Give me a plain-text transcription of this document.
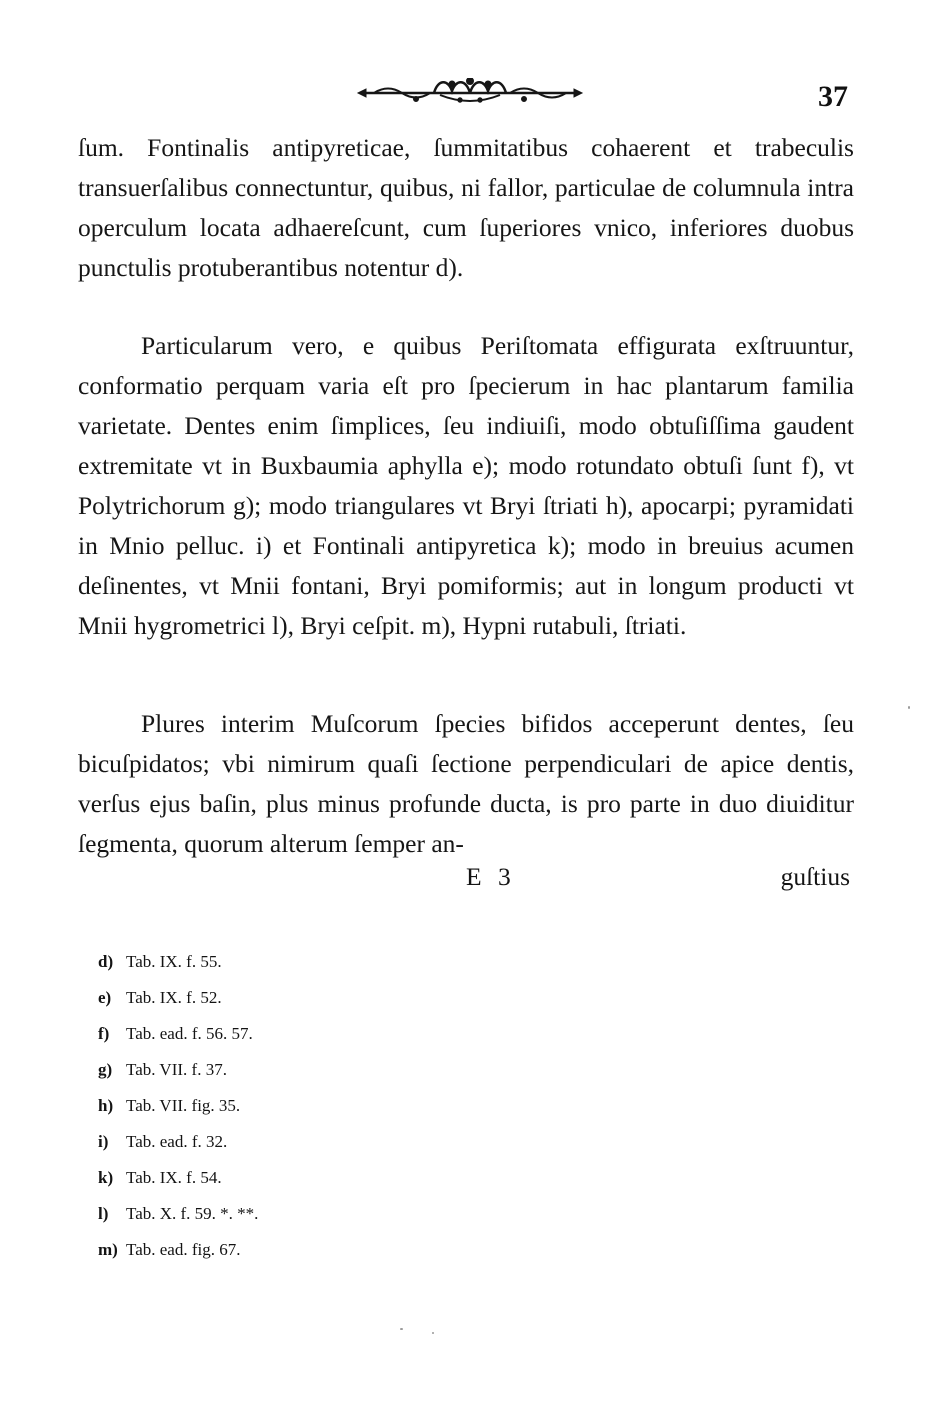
37

ſum. Fontinalis antipyreticae, ſummitatibus cohaerent et trabeculis transuerſalibus connectuntur, quibus, ni fallor, particulae de columnula intra operculum locata adhaereſcunt, cum ſuperiores vnico, inferiores duobus punctulis protuberantibus notentur d).

Particularum vero, e quibus Periſtomata effigurata exſtruuntur, conformatio perquam varia eſt pro ſpecierum in hac plantarum familia varietate. Dentes enim ſimplices, ſeu indiuiſi, modo obtuſiſſima gaudent extremitate vt in Buxbaumia aphylla e); modo rotundato obtuſi ſunt f), vt Polytrichorum g); modo triangulares vt Bryi ſtriati h), apocarpi; pyramidati in Mnio pelluc. i) et Fontinali antipyretica k); modo in breuius acumen deſinentes, vt Mnii fontani, Bryi pomiformis; aut in longum producti vt Mnii hygrometrici l), Bryi ceſpit. m), Hypni rutabuli, ſtriati.

Plures interim Muſcorum ſpecies bifidos acceperunt dentes, ſeu bicuſpidatos; vbi nimirum quaſi ſectione perpendiculari de apice dentis, verſus ejus baſin, plus minus profunde ducta, is pro parte in duo diuiditur ſegmenta, quorum alterum ſemper an-

E 3	guſtius
d) Tab. IX. f. 55.
e) Tab. IX. f. 52.
f) Tab. ead. f. 56. 57.
g) Tab. VII. f. 37.
h) Tab. VII. fig. 35.
i) Tab. ead. f. 32.
k) Tab. IX. f. 54.
l) Tab. X. f. 59. *. **.
m) Tab. ead. fig. 67.
